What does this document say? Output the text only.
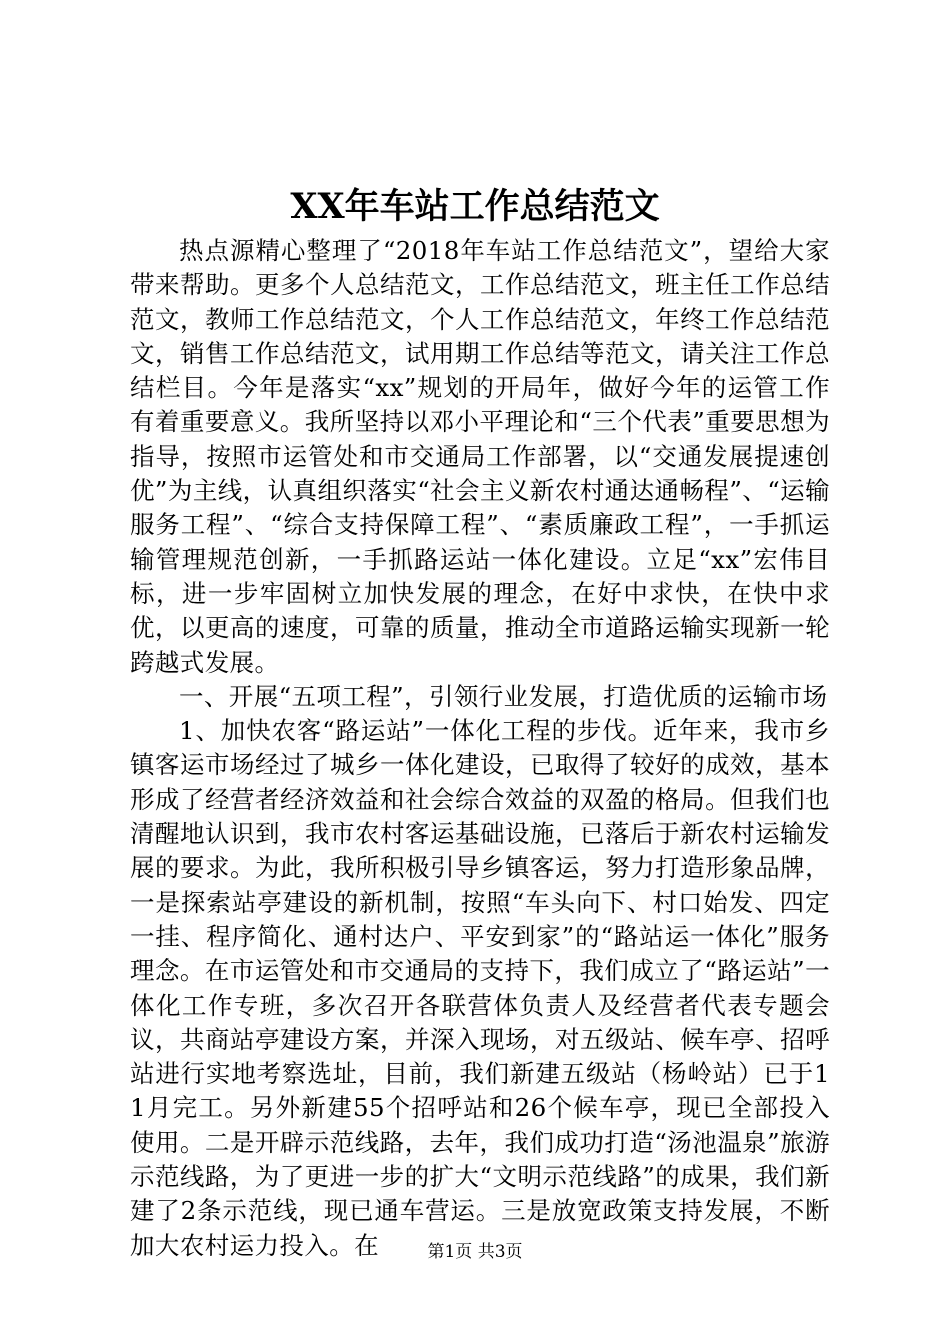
XX年车站工作总结范文

热点源精心整理了“2018年车站工作总结范文”，望给大家带来帮助。更多个人总结范文，工作总结范文，班主任工作总结范文，教师工作总结范文，个人工作总结范文，年终工作总结范文，销售工作总结范文，试用期工作总结等范文，请关注工作总结栏目。今年是落实“xx”规划的开局年，做好今年的运管工作有着重要意义。我所坚持以邓小平理论和“三个代表”重要思想为指导，按照市运管处和市交通局工作部署，以“交通发展提速创优”为主线，认真组织落实“社会主义新农村通达通畅程”、“运输服务工程”、“综合支持保障工程”、“素质廉政工程”，一手抓运输管理规范创新，一手抓路运站一体化建设。立足“xx”宏伟目标，进一步牢固树立加快发展的理念，在好中求快，在快中求优，以更高的速度，可靠的质量，推动全市道路运输实现新一轮跨越式发展。

一、开展“五项工程”，引领行业发展，打造优质的运输市场

1、加快农客“路运站”一体化工程的步伐。近年来，我市乡镇客运市场经过了城乡一体化建设，已取得了较好的成效，基本形成了经营者经济效益和社会综合效益的双盈的格局。但我们也清醒地认识到，我市农村客运基础设施，已落后于新农村运输发展的要求。为此，我所积极引导乡镇客运，努力打造形象品牌，一是探索站亭建设的新机制，按照“车头向下、村口始发、四定一挂、程序简化、通村达户、平安到家”的“路站运一体化”服务理念。在市运管处和市交通局的支持下，我们成立了“路运站”一体化工作专班，多次召开各联营体负责人及经营者代表专题会议，共商站亭建设方案，并深入现场，对五级站、候车亭、招呼站进行实地考察选址，目前，我们新建五级站（杨岭站）已于11月完工。另外新建55个招呼站和26个候车亭，现已全部投入使用。二是开辟示范线路，去年，我们成功打造“汤池温泉”旅游示范线路，为了更进一步的扩大“文明示范线路”的成果，我们新建了2条示范线，现已通车营运。三是放宽政策支持发展，不断加大农村运力投入。在	第1页 共3页
